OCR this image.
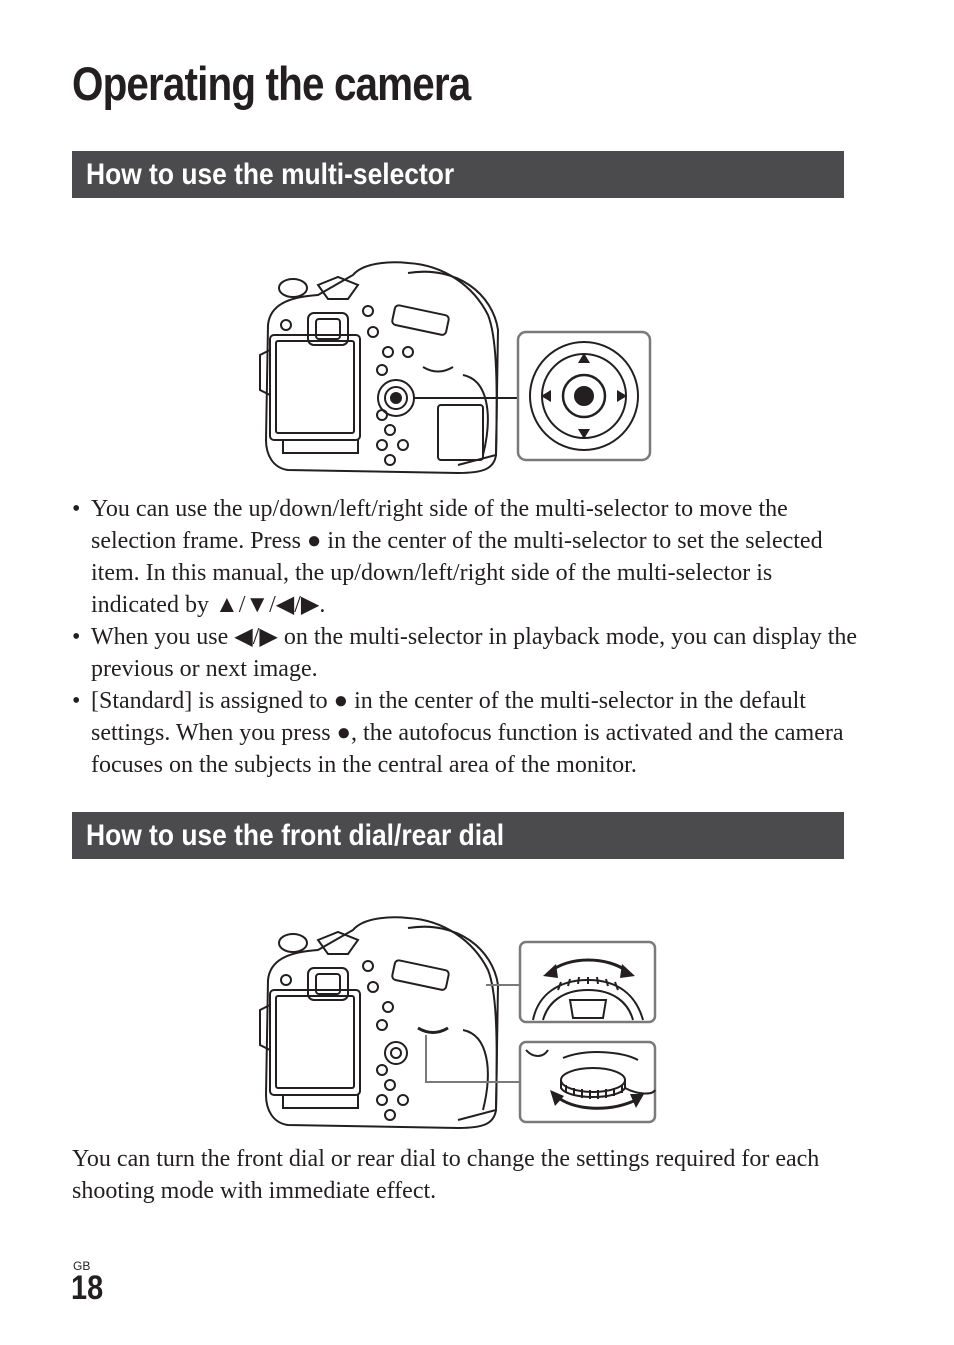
Operating the camera
How to use the multi-selector
• You can use the up/down/left/right side of the multi-selector to move the selection frame. Press ● in the center of the multi-selector to set the selected item. In this manual, the up/down/left/right side of the multi-selector is indicated by ▲/▼/◀/▶.
• When you use ◀/▶ on the multi-selector in playback mode, you can display the previous or next image.
• [Standard] is assigned to ● in the center of the multi-selector in the default settings. When you press ●, the autofocus function is activated and the camera focuses on the subjects in the central area of the monitor.
How to use the front dial/rear dial

You can turn the front dial or rear dial to change the settings required for each shooting mode with immediate effect.

GB
18
